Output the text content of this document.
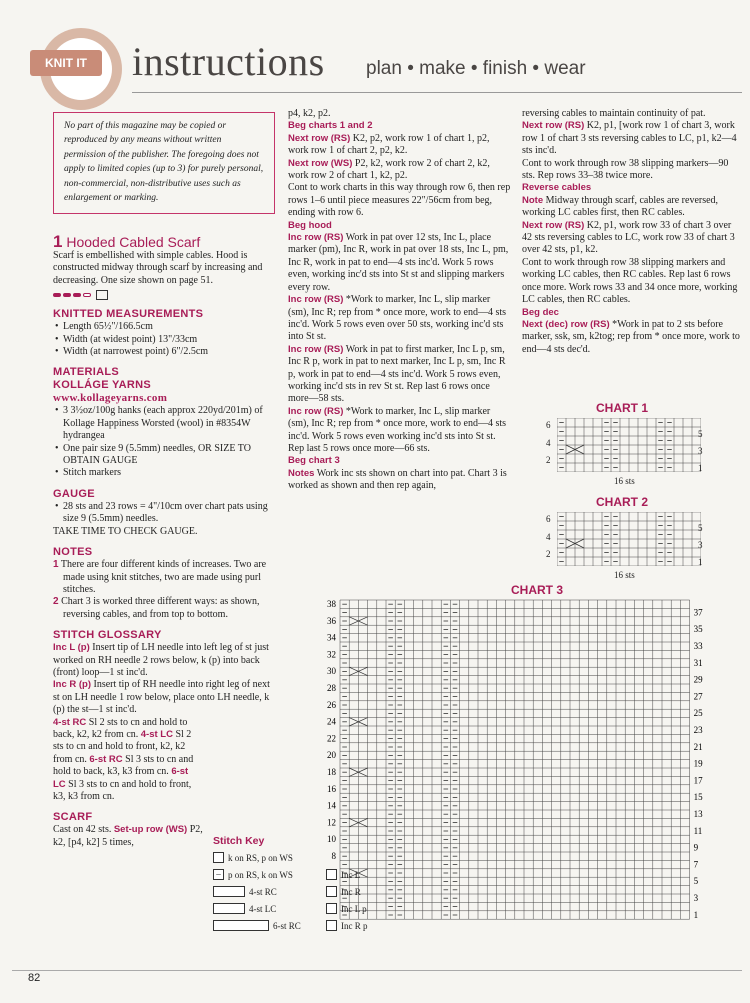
KNIT IT	instructions plan • make • finish • wear
No part of this magazine may be copied or reproduced by any means without written permission of the publisher. The foregoing does not apply to limited copies (up to 3) for purely personal, non-commercial, non-distributive uses such as enlargement or marking.
1 Hooded Cabled Scarf

Scarf is embellished with simple cables. Hood is constructed midway through scarf by increasing and decreasing. One size shown on page 51.

KNITTED MEASUREMENTS
• Length 65½"/166.5cm
• Width (at widest point) 13"/33cm
• Width (at narrowest point) 6"/2.5cm
MATERIALS
KOLLÁGE YARNS
www.kollageyarns.com
• 3 3½oz/100g hanks (each approx 220yd/201m) of Kollage Happiness Worsted (wool) in #8354W hydrangea
• One pair size 9 (5.5mm) needles, OR SIZE TO OBTAIN GAUGE
• Stitch markers
GAUGE
• 28 sts and 23 rows = 4"/10cm over chart pats using size 9 (5.5mm) needles.

TAKE TIME TO CHECK GAUGE.

NOTES

1 There are four different kinds of increases. Two are made using knit stitches, two are made using purl stitches.

2 Chart 3 is worked three different ways: as shown, reversing cables, and from top to bottom.

STITCH GLOSSARY

Inc L (p) Insert tip of LH needle into left leg of st just worked on RH needle 2 rows below, k (p) into back (front) loop—1 st inc'd.

Inc R (p) Insert tip of RH needle into right leg of next st on LH needle 1 row below, place onto LH needle, k (p) the st—1 st inc'd.

4-st RC Sl 2 sts to cn and hold to back, k2, k2 from cn. 4-st LC Sl 2 sts to cn and hold to front, k2, k2 from cn. 6-st RC Sl 3 sts to cn and hold to back, k3, k3 from cn. 6-st LC Sl 3 sts to cn and hold to front, k3, k3 from cn.

SCARF

Cast on 42 sts. Set-up row (WS) P2, k2, [p4, k2] 5 times,

p4, k2, p2.

Beg charts 1 and 2

Next row (RS) K2, p2, work row 1 of chart 1, p2, work row 1 of chart 2, p2, k2.

Next row (WS) P2, k2, work row 2 of chart 2, k2, work row 2 of chart 1, k2, p2.

Cont to work charts in this way through row 6, then rep rows 1–6 until piece measures 22"/56cm from beg, ending with row 6.

Beg hood

Inc row (RS) Work in pat over 12 sts, Inc L, place marker (pm), Inc R, work in pat over 18 sts, Inc L, pm, Inc R, work in pat to end—4 sts inc'd. Work 5 rows even, working inc'd sts into St st and slipping markers every row.

Inc row (RS) *Work to marker, Inc L, slip marker (sm), Inc R; rep from * once more, work to end—4 sts inc'd. Work 5 rows even over 50 sts, working inc'd sts into St st.

Inc row (RS) Work in pat to first marker, Inc L p, sm, Inc R p, work in pat to next marker, Inc L p, sm, Inc R p, work in pat to end—4 sts inc'd. Work 5 rows even, working inc'd sts in rev St st. Rep last 6 rows once more—58 sts.

Inc row (RS) *Work to marker, Inc L, slip marker (sm), Inc R; rep from * once more, work to end—4 sts inc'd. Work 5 rows even working inc'd sts into St st.

Rep last 5 rows once more—66 sts.

Beg chart 3

Notes Work inc sts shown on chart into pat. Chart 3 is worked as shown and then rep again,

reversing cables to maintain continuity of pat.

Next row (RS) K2, p1, [work row 1 of chart 3, work row 1 of chart 3 sts reversing cables to LC, p1, k2—4 sts inc'd.

Cont to work through row 38 slipping markers—90 sts. Rep rows 33–38 twice more.

Reverse cables

Note Midway through scarf, cables are reversed, working LC cables first, then RC cables.

Next row (RS) K2, p1, work row 33 of chart 3 over 42 sts reversing cables to LC, work row 33 of chart 3 over 42 sts, p1, k2.

Cont to work through row 38 slipping markers and working LC cables, then RC cables. Rep last 6 rows once more. Work rows 33 and 34 once more, working LC cables, then RC cables.

Beg dec

Next (dec) row (RS) *Work in pat to 2 sts before marker, ssk, sm, k2tog; rep from * once more, work to end—4 sts dec'd.

CHART 1
6
4
2
5
3
1
16 sts
CHART 2
6
4
2
5
3
1
16 sts
CHART 3
38
36
34
32
30
28
26
24
22
20
18
16
14
12
10
8
37
35
33
31
29
27
25
23
21
19
17
15
13
11
9
7
5
3
1
Stitch Key
k on RS, p on WS
– p on RS, k on WS
4-st RC
4-st LC
6-st RC
Inc L
Inc R
Inc L p
Inc R p
82
